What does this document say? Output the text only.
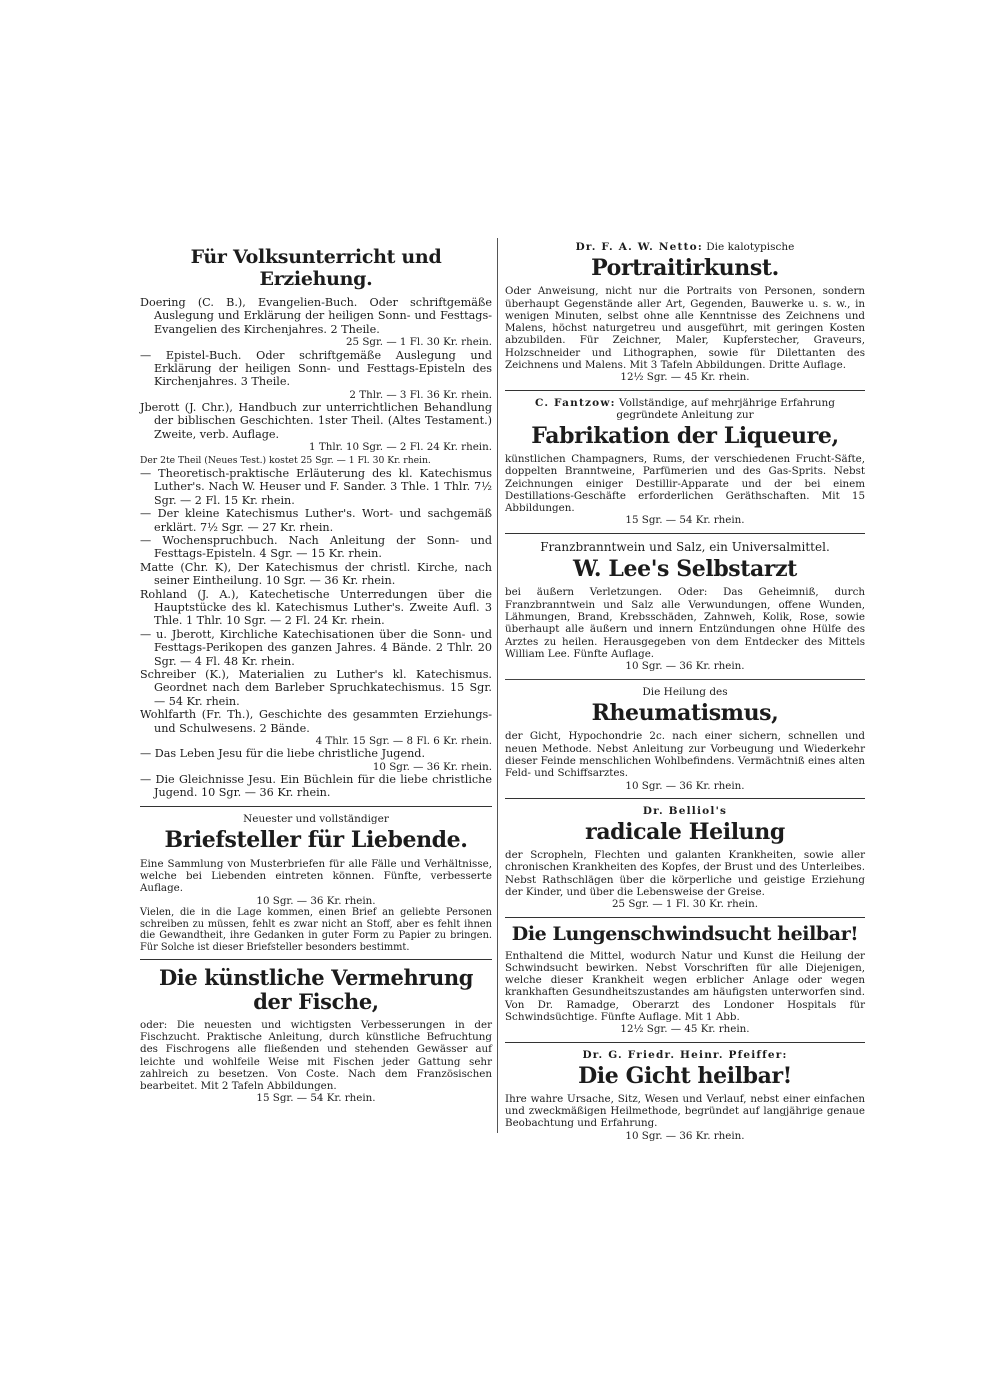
Für Volksunterricht und Erziehung.
Doering (C. B.), Evangelien-Buch. Oder schriftgemäße Auslegung und Erklärung der heiligen Sonn- und Festtags-Evangelien des Kirchenjahres. 2 Theile.
25 Sgr. — 1 Fl. 30 Kr. rhein.
— Epistel-Buch. Oder schriftgemäße Auslegung und Erklärung der heiligen Sonn- und Festtags-Episteln des Kirchenjahres. 3 Theile.
2 Thlr. — 3 Fl. 36 Kr. rhein.
Jberott (J. Chr.), Handbuch zur unterrichtlichen Behandlung der biblischen Geschichten. 1ster Theil. (Altes Testament.) Zweite, verb. Auflage.
1 Thlr. 10 Sgr. — 2 Fl. 24 Kr. rhein.
Der 2te Theil (Neues Test.) kostet 25 Sgr. — 1 Fl. 30 Kr. rhein.
— Theoretisch-praktische Erläuterung des kl. Katechismus Luther's. Nach W. Heuser und F. Sander. 3 Thle. 1 Thlr. 7½ Sgr. — 2 Fl. 15 Kr. rhein.
— Der kleine Katechismus Luther's. Wort- und sachgemäß erklärt. 7½ Sgr. — 27 Kr. rhein.
— Wochenspruchbuch. Nach Anleitung der Sonn- und Festtags-Episteln. 4 Sgr. — 15 Kr. rhein.
Matte (Chr. K), Der Katechismus der christl. Kirche, nach seiner Eintheilung. 10 Sgr. — 36 Kr. rhein.
Rohland (J. A.), Katechetische Unterredungen über die Hauptstücke des kl. Katechismus Luther's. Zweite Aufl. 3 Thle. 1 Thlr. 10 Sgr. — 2 Fl. 24 Kr. rhein.
— u. Jberott, Kirchliche Katechisationen über die Sonn- und Festtags-Perikopen des ganzen Jahres. 4 Bände. 2 Thlr. 20 Sgr. — 4 Fl. 48 Kr. rhein.
Schreiber (K.), Materialien zu Luther's kl. Katechismus. Geordnet nach dem Barleber Spruchkatechismus. 15 Sgr. — 54 Kr. rhein.
Wohlfarth (Fr. Th.), Geschichte des gesammten Erziehungs- und Schulwesens. 2 Bände.
4 Thlr. 15 Sgr. — 8 Fl. 6 Kr. rhein.
— Das Leben Jesu für die liebe christliche Jugend.
10 Sgr. — 36 Kr. rhein.
— Die Gleichnisse Jesu. Ein Büchlein für die liebe christliche Jugend. 10 Sgr. — 36 Kr. rhein.
Neuester und vollständiger
Briefsteller für Liebende.
Eine Sammlung von Musterbriefen für alle Fälle und Verhältnisse, welche bei Liebenden eintreten können. Fünfte, verbesserte Auflage.
10 Sgr. — 36 Kr. rhein.
Vielen, die in die Lage kommen, einen Brief an geliebte Personen schreiben zu müssen, fehlt es zwar nicht an Stoff, aber es fehlt ihnen die Gewandtheit, ihre Gedanken in guter Form zu Papier zu bringen. Für Solche ist dieser Briefsteller besonders bestimmt.
Die künstliche Vermehrung der Fische,
oder: Die neuesten und wichtigsten Verbesserungen in der Fischzucht. Praktische Anleitung, durch künstliche Befruchtung des Fischrogens alle fließenden und stehenden Gewässer auf leichte und wohlfeile Weise mit Fischen jeder Gattung sehr zahlreich zu besetzen. Von Coste. Nach dem Französischen bearbeitet. Mit 2 Tafeln Abbildungen.
15 Sgr. — 54 Kr. rhein.
Dr. F. A. W. Netto: Die kalotypische
Portraitirkunst.
Oder Anweisung, nicht nur die Portraits von Personen, sondern überhaupt Gegenstände aller Art, Gegenden, Bauwerke u. s. w., in wenigen Minuten, selbst ohne alle Kenntnisse des Zeichnens und Malens, höchst naturgetreu und ausgeführt, mit geringen Kosten abzubilden. Für Zeichner, Maler, Kupferstecher, Graveurs, Holzschneider und Lithographen, sowie für Dilettanten des Zeichnens und Malens. Mit 3 Tafeln Abbildungen. Dritte Auflage.
12½ Sgr. — 45 Kr. rhein.
C. Fantzow: Vollständige, auf mehrjährige Erfahrung gegründete Anleitung zur
Fabrikation der Liqueure,
künstlichen Champagners, Rums, der verschiedenen Frucht-Säfte, doppelten Branntweine, Parfümerien und des Gas-Sprits. Nebst Zeichnungen einiger Destillir-Apparate und der bei einem Destillations-Geschäfte erforderlichen Geräthschaften. Mit 15 Abbildungen.
15 Sgr. — 54 Kr. rhein.
Franzbranntwein und Salz, ein Universalmittel.
W. Lee's Selbstarzt
bei äußern Verletzungen. Oder: Das Geheimniß, durch Franzbranntwein und Salz alle Verwundungen, offene Wunden, Lähmungen, Brand, Krebsschäden, Zahnweh, Kolik, Rose, sowie überhaupt alle äußern und innern Entzündungen ohne Hülfe des Arztes zu heilen. Herausgegeben von dem Entdecker des Mittels William Lee. Fünfte Auflage.
10 Sgr. — 36 Kr. rhein.
Die Heilung des
Rheumatismus,
der Gicht, Hypochondrie 2c. nach einer sichern, schnellen und neuen Methode. Nebst Anleitung zur Vorbeugung und Wiederkehr dieser Feinde menschlichen Wohlbefindens. Vermächtniß eines alten Feld- und Schiffsarztes.
10 Sgr. — 36 Kr. rhein.
Dr. Belliol's
radicale Heilung
der Scropheln, Flechten und galanten Krankheiten, sowie aller chronischen Krankheiten des Kopfes, der Brust und des Unterleibes. Nebst Rathschlägen über die körperliche und geistige Erziehung der Kinder, und über die Lebensweise der Greise.
25 Sgr. — 1 Fl. 30 Kr. rhein.
Die Lungenschwindsucht heilbar!
Enthaltend die Mittel, wodurch Natur und Kunst die Heilung der Schwindsucht bewirken. Nebst Vorschriften für alle Diejenigen, welche dieser Krankheit wegen erblicher Anlage oder wegen krankhaften Gesundheitszustandes am häufigsten unterworfen sind. Von Dr. Ramadge, Oberarzt des Londoner Hospitals für Schwindsüchtige. Fünfte Auflage. Mit 1 Abb.
12½ Sgr. — 45 Kr. rhein.
Dr. G. Friedr. Heinr. Pfeiffer:
Die Gicht heilbar!
Ihre wahre Ursache, Sitz, Wesen und Verlauf, nebst einer einfachen und zweckmäßigen Heilmethode, begründet auf langjährige genaue Beobachtung und Erfahrung.
10 Sgr. — 36 Kr. rhein.
